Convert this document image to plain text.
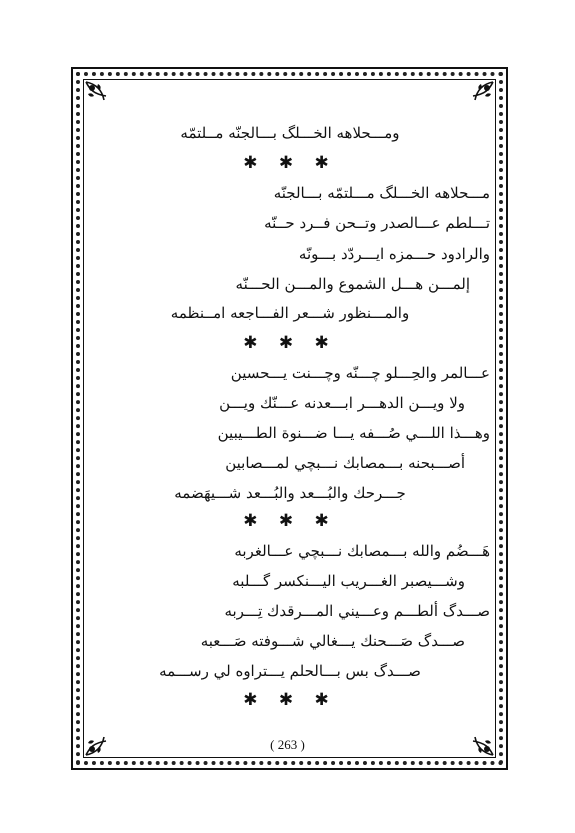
ومـــحلاهه الخـــلگ بـــالجنّه مــلتمّه
✱ ✱ ✱
مـــحلاهه الخـــلگ مـــلتمّه بـــالجنّه
تـــلطم عـــالصدر وتــحن فــرد حــنّه
والرادود حـــمزه ايـــردّد بـــونّه
إلمـــن هـــل الشموع والمـــن الحـــنّه
والمـــنظور شـــعر الفـــاجعه امــنظمه
✱ ✱ ✱
عـــالمر والحِـــلو چـــنّه وچـــنت يـــحسين
ولا ويـــن الدهـــر ابـــعدنه عـــنّك ويـــن
وهـــذا اللـــي صُـــفه يـــا ضـــنوة الطـــيبين
أصـــبحنه بـــمصابك نـــبچي لمـــصابين
جـــرحك والبُـــعد والبُـــعد شـــيهَضمه
✱ ✱ ✱
هَـــضُم والله بـــمصابك نـــبچي عـــالغربه
وشـــيصبر الغـــريب اليـــنكسر گـــلبه
صـــدگ ألطـــم وعـــيني المـــرقدك تِـــربه
صـــدگ صَـــحنك يـــغالي شـــوفته صَـــعبه
صـــدگ بس بـــالحلم يـــتراوه لي رســـمه
✱ ✱ ✱
( 263 )
